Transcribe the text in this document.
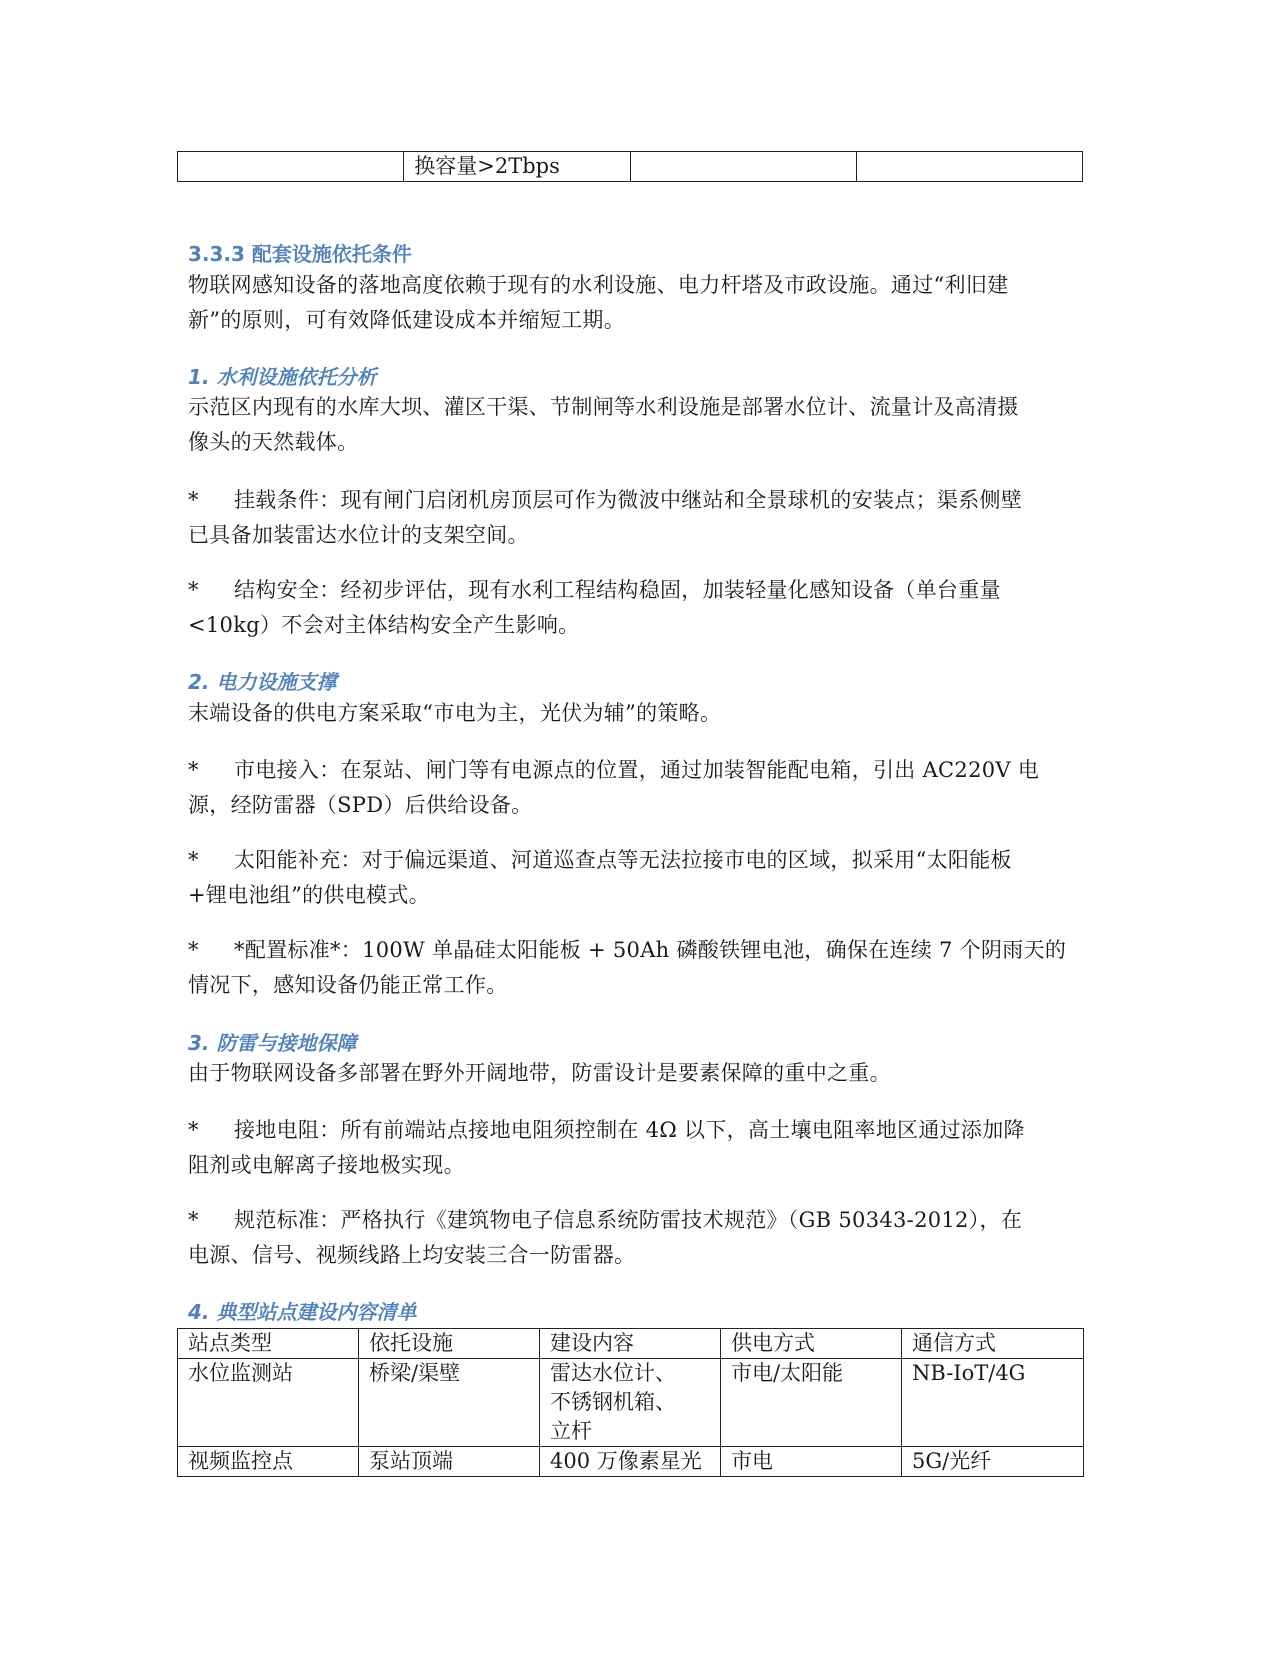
	换容量>2Tbps		
3.3.3 配套设施依托条件

物联网感知设备的落地高度依赖于现有的水利设施、电力杆塔及市政设施。通过“利旧建

新”的原则，可有效降低建设成本并缩短工期。

1. 水利设施依托分析

示范区内现有的水库大坝、灌区干渠、节制闸等水利设施是部署水位计、流量计及高清摄

像头的天然载体。

* 挂载条件：现有闸门启闭机房顶层可作为微波中继站和全景球机的安装点；渠系侧壁

已具备加装雷达水位计的支架空间。

* 结构安全：经初步评估，现有水利工程结构稳固，加装轻量化感知设备（单台重量

<10kg）不会对主体结构安全产生影响。

2. 电力设施支撑

末端设备的供电方案采取“市电为主，光伏为辅”的策略。

* 市电接入：在泵站、闸门等有电源点的位置，通过加装智能配电箱，引出 AC220V 电

源，经防雷器（SPD）后供给设备。

* 太阳能补充：对于偏远渠道、河道巡查点等无法拉接市电的区域，拟采用“太阳能板

+锂电池组”的供电模式。

* *配置标准*：100W 单晶硅太阳能板 + 50Ah 磷酸铁锂电池，确保在连续 7 个阴雨天的

情况下，感知设备仍能正常工作。

3. 防雷与接地保障

由于物联网设备多部署在野外开阔地带，防雷设计是要素保障的重中之重。

* 接地电阻：所有前端站点接地电阻须控制在 4Ω 以下，高土壤电阻率地区通过添加降

阻剂或电解离子接地极实现。

* 规范标准：严格执行《建筑物电子信息系统防雷技术规范》（GB 50343-2012），在

电源、信号、视频线路上均安装三合一防雷器。

4. 典型站点建设内容清单
站点类型	依托设施	建设内容	供电方式	通信方式
水位监测站	桥梁/渠壁	雷达水位计、
不锈钢机箱、
立杆	市电/太阳能	NB-IoT/4G
视频监控点	泵站顶端	400 万像素星光	市电	5G/光纤
